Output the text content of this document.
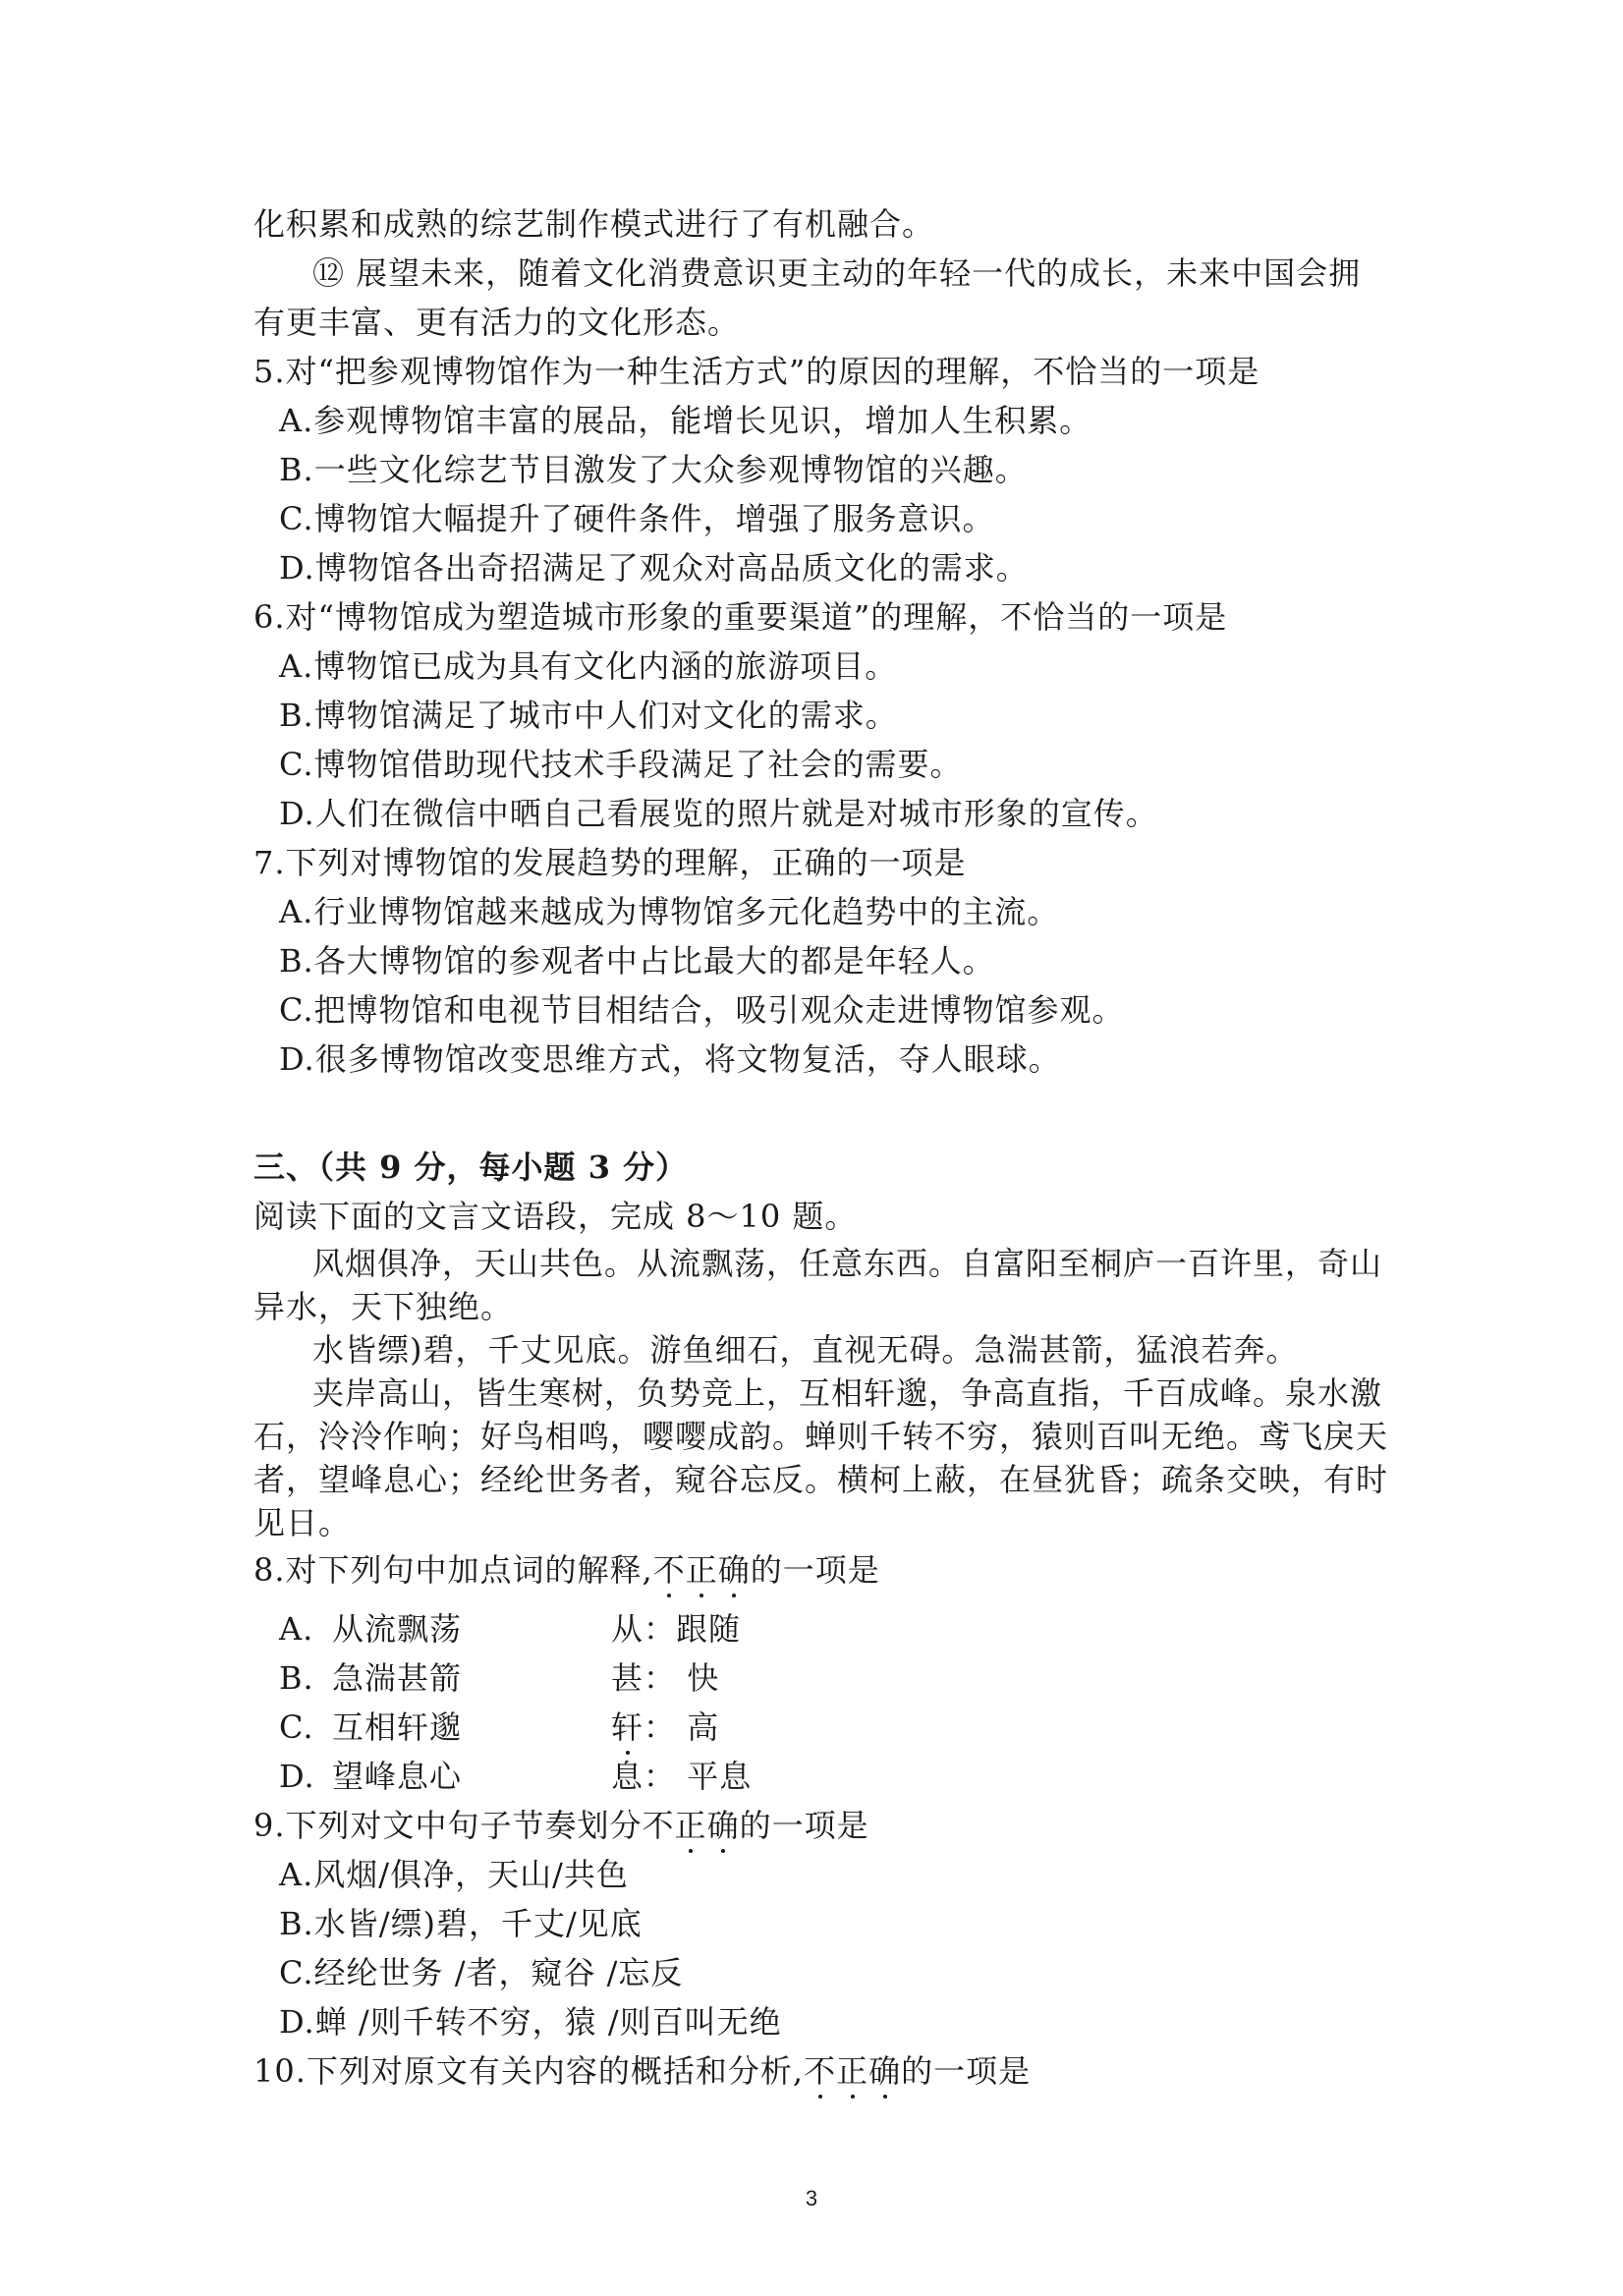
化积累和成熟的综艺制作模式进行了有机融合。
⑫ 展望未来，随着文化消费意识更主动的年轻一代的成长，未来中国会拥
有更丰富、更有活力的文化形态。
5.对“把参观博物馆作为一种生活方式”的原因的理解，不恰当的一项是
A.参观博物馆丰富的展品，能增长见识，增加人生积累。
B.一些文化综艺节目激发了大众参观博物馆的兴趣。
C.博物馆大幅提升了硬件条件，增强了服务意识。
D.博物馆各出奇招满足了观众对高品质文化的需求。
6.对“博物馆成为塑造城市形象的重要渠道”的理解，不恰当的一项是
A.博物馆已成为具有文化内涵的旅游项目。
B.博物馆满足了城市中人们对文化的需求。
C.博物馆借助现代技术手段满足了社会的需要。
D.人们在微信中晒自己看展览的照片就是对城市形象的宣传。
7.下列对博物馆的发展趋势的理解，正确的一项是
A.行业博物馆越来越成为博物馆多元化趋势中的主流。
B.各大博物馆的参观者中占比最大的都是年轻人。
C.把博物馆和电视节目相结合，吸引观众走进博物馆参观。
D.很多博物馆改变思维方式，将文物复活，夺人眼球。
三、（共 9 分，每小题 3 分）
阅读下面的文言文语段，完成 8～10 题。
风烟俱净，天山共色。从流飘荡，任意东西。自富阳至桐庐一百许里，奇山
异水，天下独绝。
水皆缥)碧，千丈见底。游鱼细石，直视无碍。急湍甚箭，猛浪若奔。
夹岸高山，皆生寒树，负势竞上，互相轩邈，争高直指，千百成峰。泉水激
石，泠泠作响；好鸟相鸣，嘤嘤成韵。蝉则千转不穷，猿则百叫无绝。鸢飞戾天
者，望峰息心；经纶世务者，窥谷忘反。横柯上蔽，在昼犹昏；疏条交映，有时
见日。
8.对下列句中加点词的解释,不正确的一项是
A. 从流飘荡	从：跟随
B. 急湍甚箭	甚： 快
C. 互相轩邈	轩： 高
D. 望峰息心	息： 平息
9.下列对文中句子节奏划分不正确的一项是
A.风烟/俱净，天山/共色
B.水皆/缥)碧，千丈/见底
C.经纶世务 /者，窥谷 /忘反
D.蝉 /则千转不穷，猿 /则百叫无绝
10.下列对原文有关内容的概括和分析,不正确的一项是
3
